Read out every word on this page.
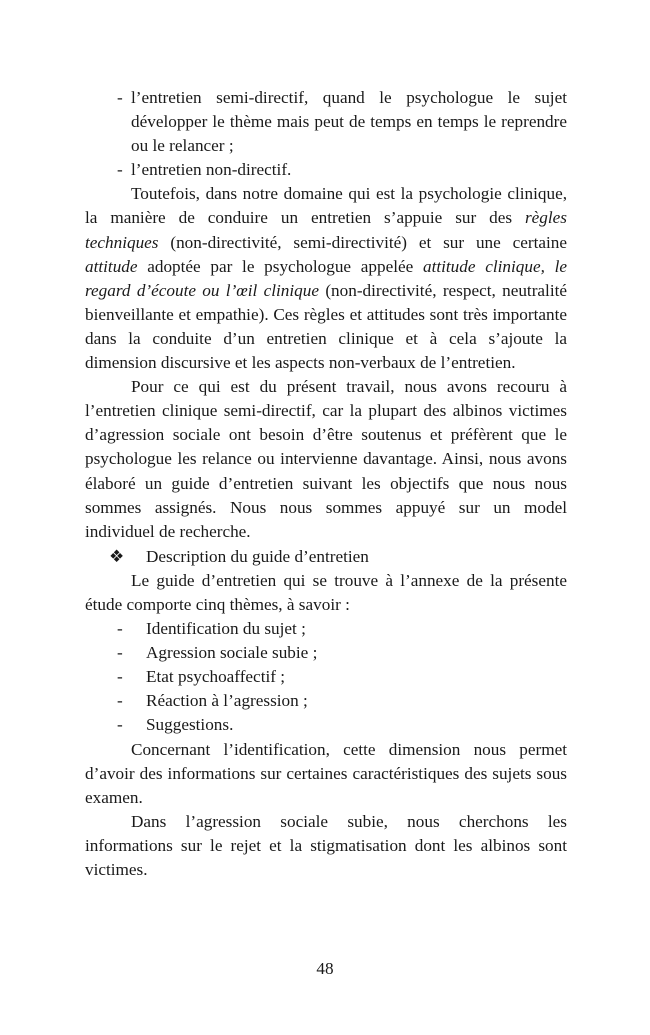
- l’entretien semi-directif, quand le psychologue le sujet développer le thème mais peut de temps en temps le reprendre ou le relancer ;
- l’entretien non-directif.

Toutefois, dans notre domaine qui est la psychologie clinique, la manière de conduire un entretien s’appuie sur des règles techniques (non-directivité, semi-directivité) et sur une certaine attitude adoptée par le psychologue appelée attitude clinique, le regard d’écoute ou l’œil clinique (non-directivité, respect, neutralité bienveillante et empathie). Ces règles et attitudes sont très importante dans la conduite d’un entretien clinique et à cela s’ajoute la dimension discursive et les aspects non-verbaux de l’entretien.

Pour ce qui est du présent travail, nous avons recouru à l’entretien clinique semi-directif, car la plupart des albinos victimes d’agression sociale ont besoin d’être soutenus et préfèrent que le psychologue les relance ou intervienne davantage. Ainsi, nous avons élaboré un guide d’entretien suivant les objectifs que nous nous sommes assignés. Nous nous sommes appuyé sur un model individuel de recherche.

❖ Description du guide d’entretien

Le guide d’entretien qui se trouve à l’annexe de la présente étude comporte cinq thèmes, à savoir :

- Identification du sujet ;
- Agression sociale subie ;
- Etat psychoaffectif ;
- Réaction à l’agression ;
- Suggestions.

Concernant l’identification, cette dimension nous permet d’avoir des informations sur certaines caractéristiques des sujets sous examen.

Dans l’agression sociale subie, nous cherchons les informations sur le rejet et la stigmatisation dont les albinos sont victimes.

48
